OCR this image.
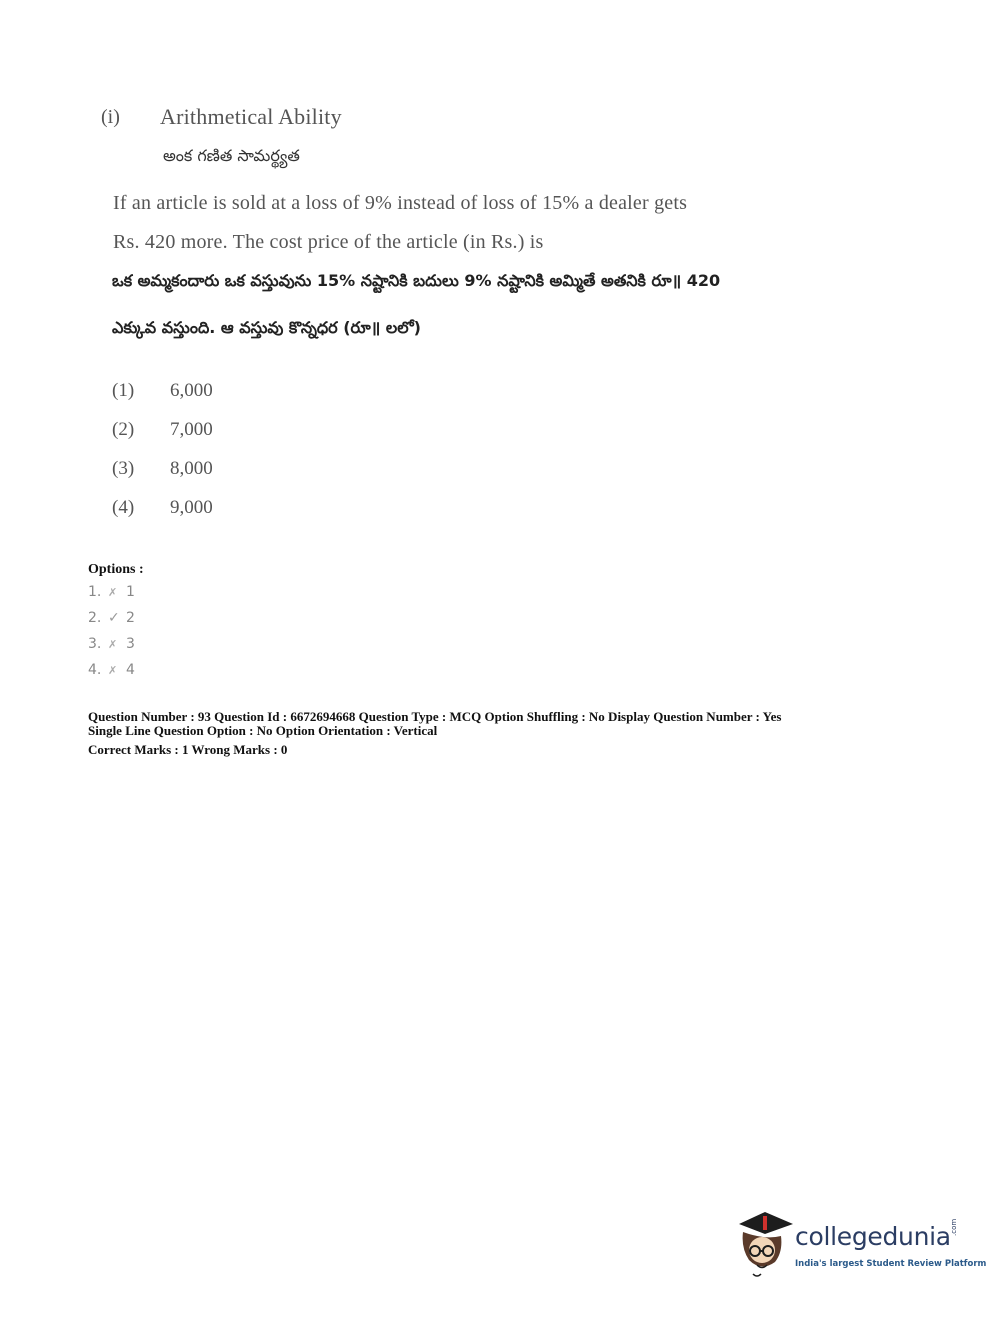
(i) Arithmetical Ability
అంక గణిత సామర్థ్యత
If an article is sold at a loss of 9% instead of loss of 15% a dealer gets
Rs. 420 more. The cost price of the article (in Rs.) is
ఒక అమ్మకందారు ఒక వస్తువును 15% నష్టానికి బదులు 9% నష్టానికి అమ్మితే అతనికి రూ॥ 420
ఎక్కువ వస్తుంది. ఆ వస్తువు కొన్నధర (రూ॥ లలో)
(1) 6,000
(2) 7,000
(3) 8,000
(4) 9,000
Options :
1. ✗ 1
2. ✓ 2
3. ✗ 3
4. ✗ 4
Question Number : 93 Question Id : 6672694668 Question Type : MCQ Option Shuffling : No Display Question Number : Yes
Single Line Question Option : No Option Orientation : Vertical
Correct Marks : 1 Wrong Marks : 0
collegedunia .com
India's largest Student Review Platform
